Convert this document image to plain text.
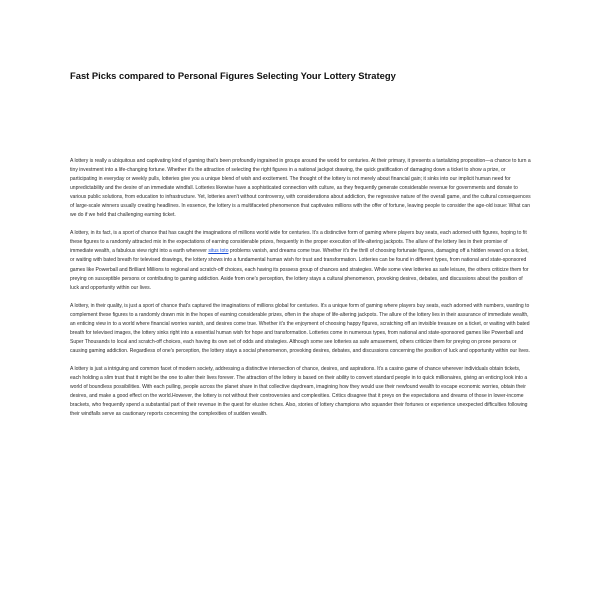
Fast Picks compared to Personal Figures Selecting Your Lottery Strategy

A lottery is really a ubiquitous and captivating kind of gaming that's been profoundly ingrained in groups around the world for centuries. At their primary, it presents a tantalizing proposition—a chance to turn a tiny investment into a life-changing fortune. Whether it's the attraction of selecting the right figures in a national jackpot drawing, the quick gratification of damaging down a ticket to show a prize, or participating in everyday or weekly pulls, lotteries give you a unique blend of wish and excitement. The thought of the lottery is not merely about financial gain; it sinks into our implicit human need for unpredictability and the desire of an immediate windfall. Lotteries likewise have a sophisticated connection with culture, as they frequently generate considerable revenue for governments and donate to various public solutions, from education to infrastructure. Yet, lotteries aren't without controversy, with considerations about addiction, the regressive nature of the overall game, and the cultural consequences of large-scale winners usually creating headlines. In essence, the lottery is a multifaceted phenomenon that captivates millions with the offer of fortune, leaving people to consider the age-old issue: What can we do if we held that challenging earning ticket.

A lottery, in its fact, is a sport of chance that has caught the imaginations of millions world wide for centuries. It's a distinctive form of gaming where players buy seats, each adorned with figures, hoping to fit these figures to a randomly attracted mix in the expectations of earning considerable prizes, frequently in the proper execution of life-altering jackpots. The allure of the lottery lies in their promise of immediate wealth, a fabulous view right into a earth wherever situs toto problems vanish, and dreams come true. Whether it's the thrill of choosing fortunate figures, damaging off a hidden reward on a ticket, or waiting with bated breath for televised drawings, the lottery shows into a fundamental human wish for trust and transformation. Lotteries can be found in different types, from national and state-sponsored games like Powerball and Brilliant Millions to regional and scratch-off choices, each having its possess group of chances and strategies. While some view lotteries as safe leisure, the others criticize them for preying on susceptible persons or contributing to gaming addiction. Aside from one's perception, the lottery stays a cultural phenomenon, provoking desires, debates, and discussions about the position of luck and opportunity within our lives.

A lottery, in their quality, is just a sport of chance that's captured the imaginations of millions global for centuries. It's a unique form of gaming where players buy seats, each adorned with numbers, wanting to complement these figures to a randomly drawn mix in the hopes of earning considerable prizes, often in the shape of life-altering jackpots. The allure of the lottery lies in their assurance of immediate wealth, an enticing view in to a world where financial worries vanish, and desires come true. Whether it's the enjoyment of choosing happy figures, scratching off an invisible treasure on a ticket, or waiting with bated breath for televised images, the lottery sinks right into a essential human wish for hope and transformation. Lotteries come in numerous types, from national and state-sponsored games like Powerball and Super Thousands to local and scratch-off choices, each having its own set of odds and strategies. Although some see lotteries as safe amusement, others criticize them for preying on prone persons or causing gaming addiction. Regardless of one's perception, the lottery stays a social phenomenon, provoking desires, debates, and discussions concerning the position of luck and opportunity within our lives.

A lottery is just a intriguing and common facet of modern society, addressing a distinctive intersection of chance, desires, and aspirations. It's a casino game of chance wherever individuals obtain tickets, each holding a slim trust that it might be the one to alter their lives forever. The attraction of the lottery is based on their ability to convert standard people in to quick millionaires, giving an enticing look into a world of boundless possibilities. With each pulling, people across the planet share in that collective daydream, imagining how they would use their newfound wealth to escape economic worries, obtain their desires, and make a good effect on the world.However, the lottery is not without their controversies and complexities. Critics disagree that it preys on the expectations and dreams of those in lower-income brackets, who frequently spend a substantial part of their revenue in the quest for elusive riches. Also, stories of lottery champions who squander their fortunes or experience unexpected difficulties following their windfalls serve as cautionary reports concerning the complexities of sudden wealth.
